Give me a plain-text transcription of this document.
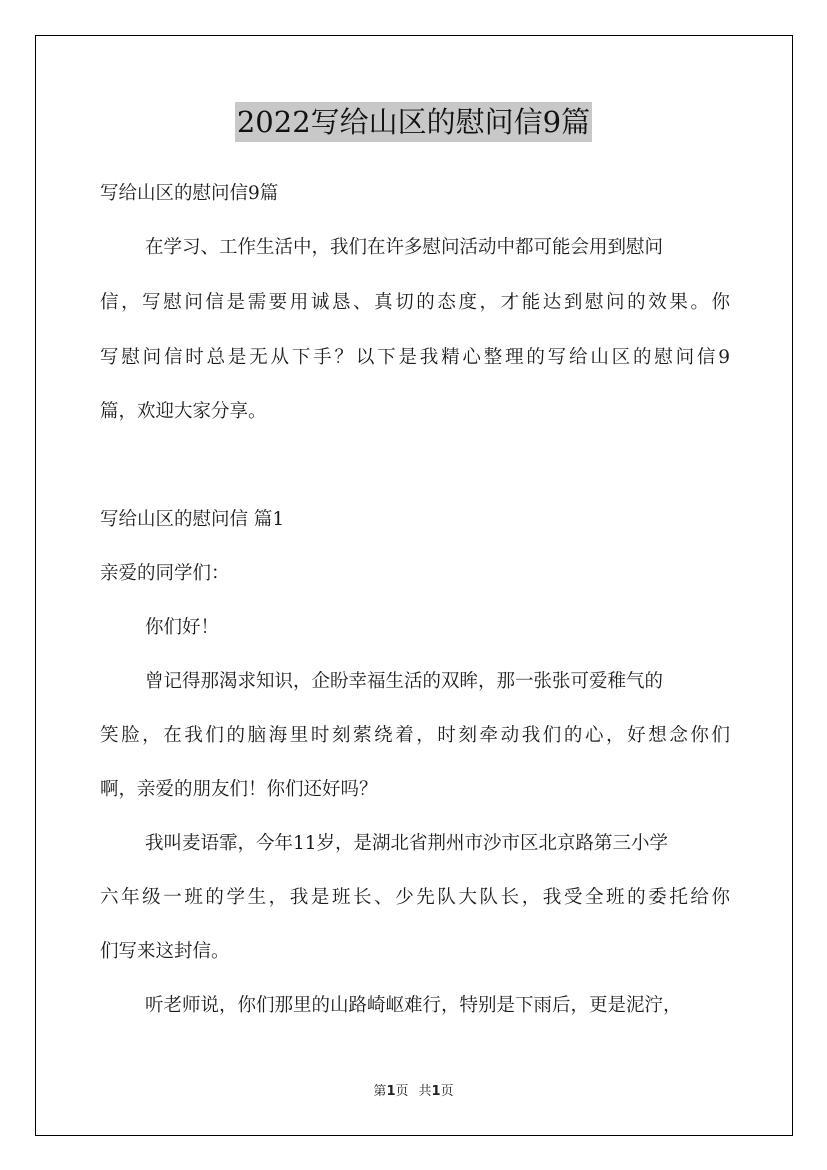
2022写给山区的慰问信9篇
写给山区的慰问信9篇
在学习、工作生活中，我们在许多慰问活动中都可能会用到慰问
信，写慰问信是需要用诚恳、真切的态度，才能达到慰问的效果。你
写慰问信时总是无从下手？以下是我精心整理的写给山区的慰问信9
篇，欢迎大家分享。
写给山区的慰问信 篇1
亲爱的同学们：
你们好！
曾记得那渴求知识，企盼幸福生活的双眸，那一张张可爱稚气的
笑脸，在我们的脑海里时刻萦绕着，时刻牵动我们的心，好想念你们
啊，亲爱的朋友们！你们还好吗？
我叫麦语霏，今年11岁，是湖北省荆州市沙市区北京路第三小学
六年级一班的学生，我是班长、少先队大队长，我受全班的委托给你
们写来这封信。
听老师说，你们那里的山路崎岖难行，特别是下雨后，更是泥泞，
第1页 共1页
